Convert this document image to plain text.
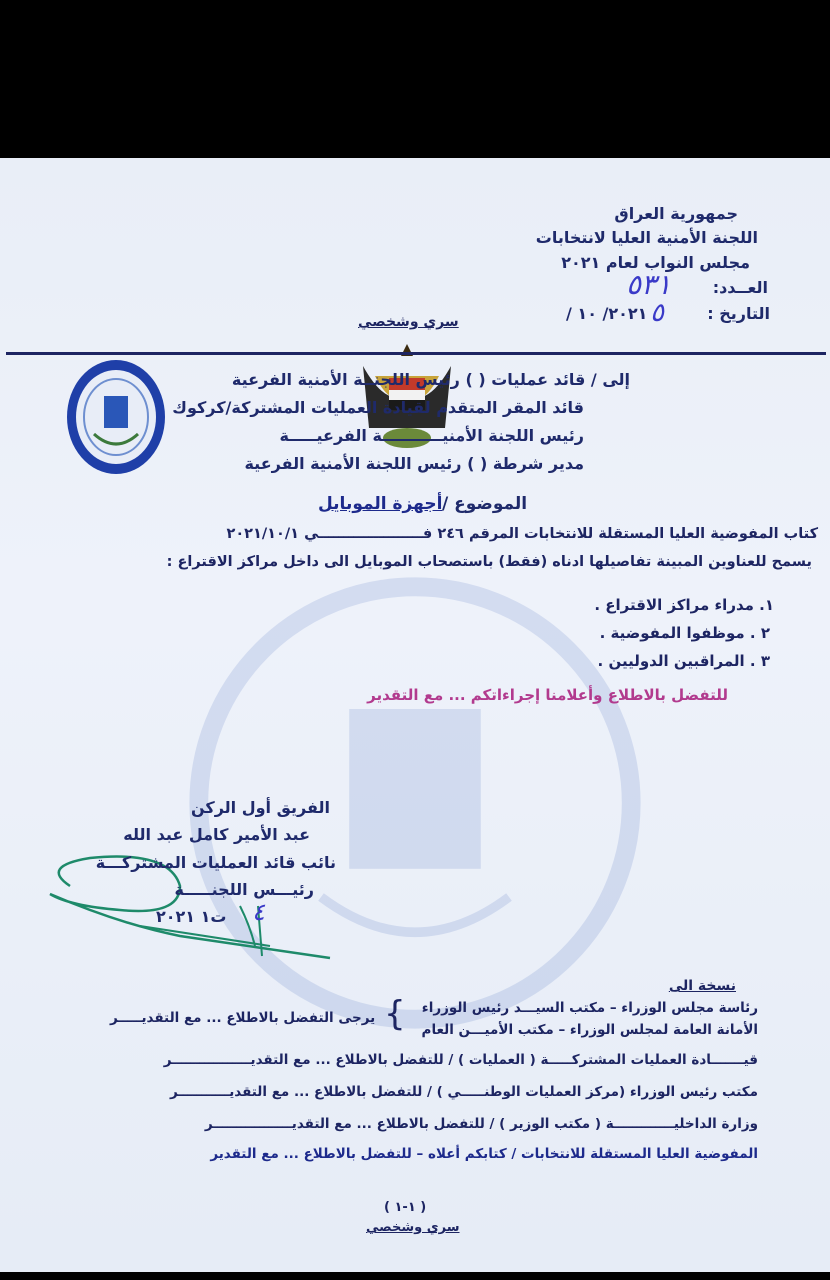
سري وشخصي
جمهورية العراق
اللجنة الأمنية العليا لانتخابات
مجلس النواب لعام ٢٠٢١
العــدد:
٥٣١
التاريخ :
٥
٢٠٢١/ ١٠ /
إلى / قائد عمليات ( ) رئيس اللجنــة الأمنية الفرعية
قائد المقر المتقدم لقيادة العمليات المشتركة/كركوك
رئيس اللجنة الأمنيـــــــــــة الفرعيـــــة
مدير شرطة ( ) رئيس اللجنة الأمنية الفرعية
الموضوع /
أجهزة الموبايل
كتاب المفوضية العليا المستقلة للانتخابات المرقم ٢٤٦ فـــــــــــــــــــــي ٢٠٢١/١٠/١
يسمح للعناوين المبينة تفاصيلها ادناه (فقط) باستصحاب الموبايل الى داخل مراكز الاقتراع :
١. مدراء مراكز الاقتراع .
٢ . موظفوا المفوضية .
٣ . المراقبين الدوليين .
للتفضل بالاطلاع وأعلامنا إجراءاتكم ... مع التقدير
الفريق أول الركن
عبد الأمير كامل عبد الله
نائب قائد العمليات المشتركـــة
رئيـــس اللجنـــــة
ت١ ٢٠٢١ ٤
نسخة الى
رئاسة مجلس الوزراء – مكتب السيـــد رئيس الوزراء
الأمانة العامة لمجلس الوزراء – مكتب الأميـــن العام
{
يرجى التفضل بالاطلاع ... مع التقديـــــر
قيـــــــادة العمليات المشتركـــــة ( العمليات ) / للتفضل بالاطلاع ... مع التقديـــــــــــــــــر
مكتب رئيس الوزراء (مركز العمليات الوطنـــــي ) / للتفضل بالاطلاع ... مع التقديـــــــــــر
وزارة الداخليـــــــــــــة ( مكتب الوزير ) / للتفضل بالاطلاع ... مع التقديـــــــــــــــــر
المفوضية العليا المستقلة للانتخابات / كتابكم أعلاه – للتفضل بالاطلاع ... مع التقدير
( ١-١ )
سري وشخصي
